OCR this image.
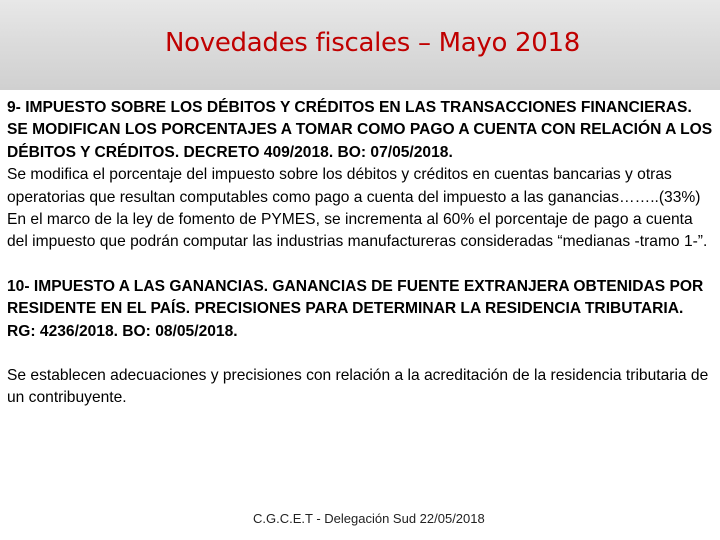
Novedades fiscales – Mayo 2018

9- IMPUESTO SOBRE LOS DÉBITOS Y CRÉDITOS EN LAS TRANSACCIONES FINANCIERAS. SE MODIFICAN LOS PORCENTAJES A TOMAR COMO PAGO A CUENTA CON RELACIÓN A LOS DÉBITOS Y CRÉDITOS. DECRETO 409/2018. BO: 07/05/2018.

Se modifica el porcentaje del impuesto sobre los débitos y créditos en cuentas bancarias y otras operatorias que resultan computables como pago a cuenta del impuesto a las ganancias……..(33%)

En el marco de la ley de fomento de PYMES, se incrementa al 60% el porcentaje de pago a cuenta del impuesto que podrán computar las industrias manufactureras consideradas “medianas -tramo 1-”.

10- IMPUESTO A LAS GANANCIAS. GANANCIAS DE FUENTE EXTRANJERA OBTENIDAS POR RESIDENTE EN EL PAÍS. PRECISIONES PARA DETERMINAR LA RESIDENCIA TRIBUTARIA. RG: 4236/2018. BO: 08/05/2018.

Se establecen adecuaciones y precisiones con relación a la acreditación de la residencia tributaria de un contribuyente.

C.G.C.E.T - Delegación Sud 22/05/2018
